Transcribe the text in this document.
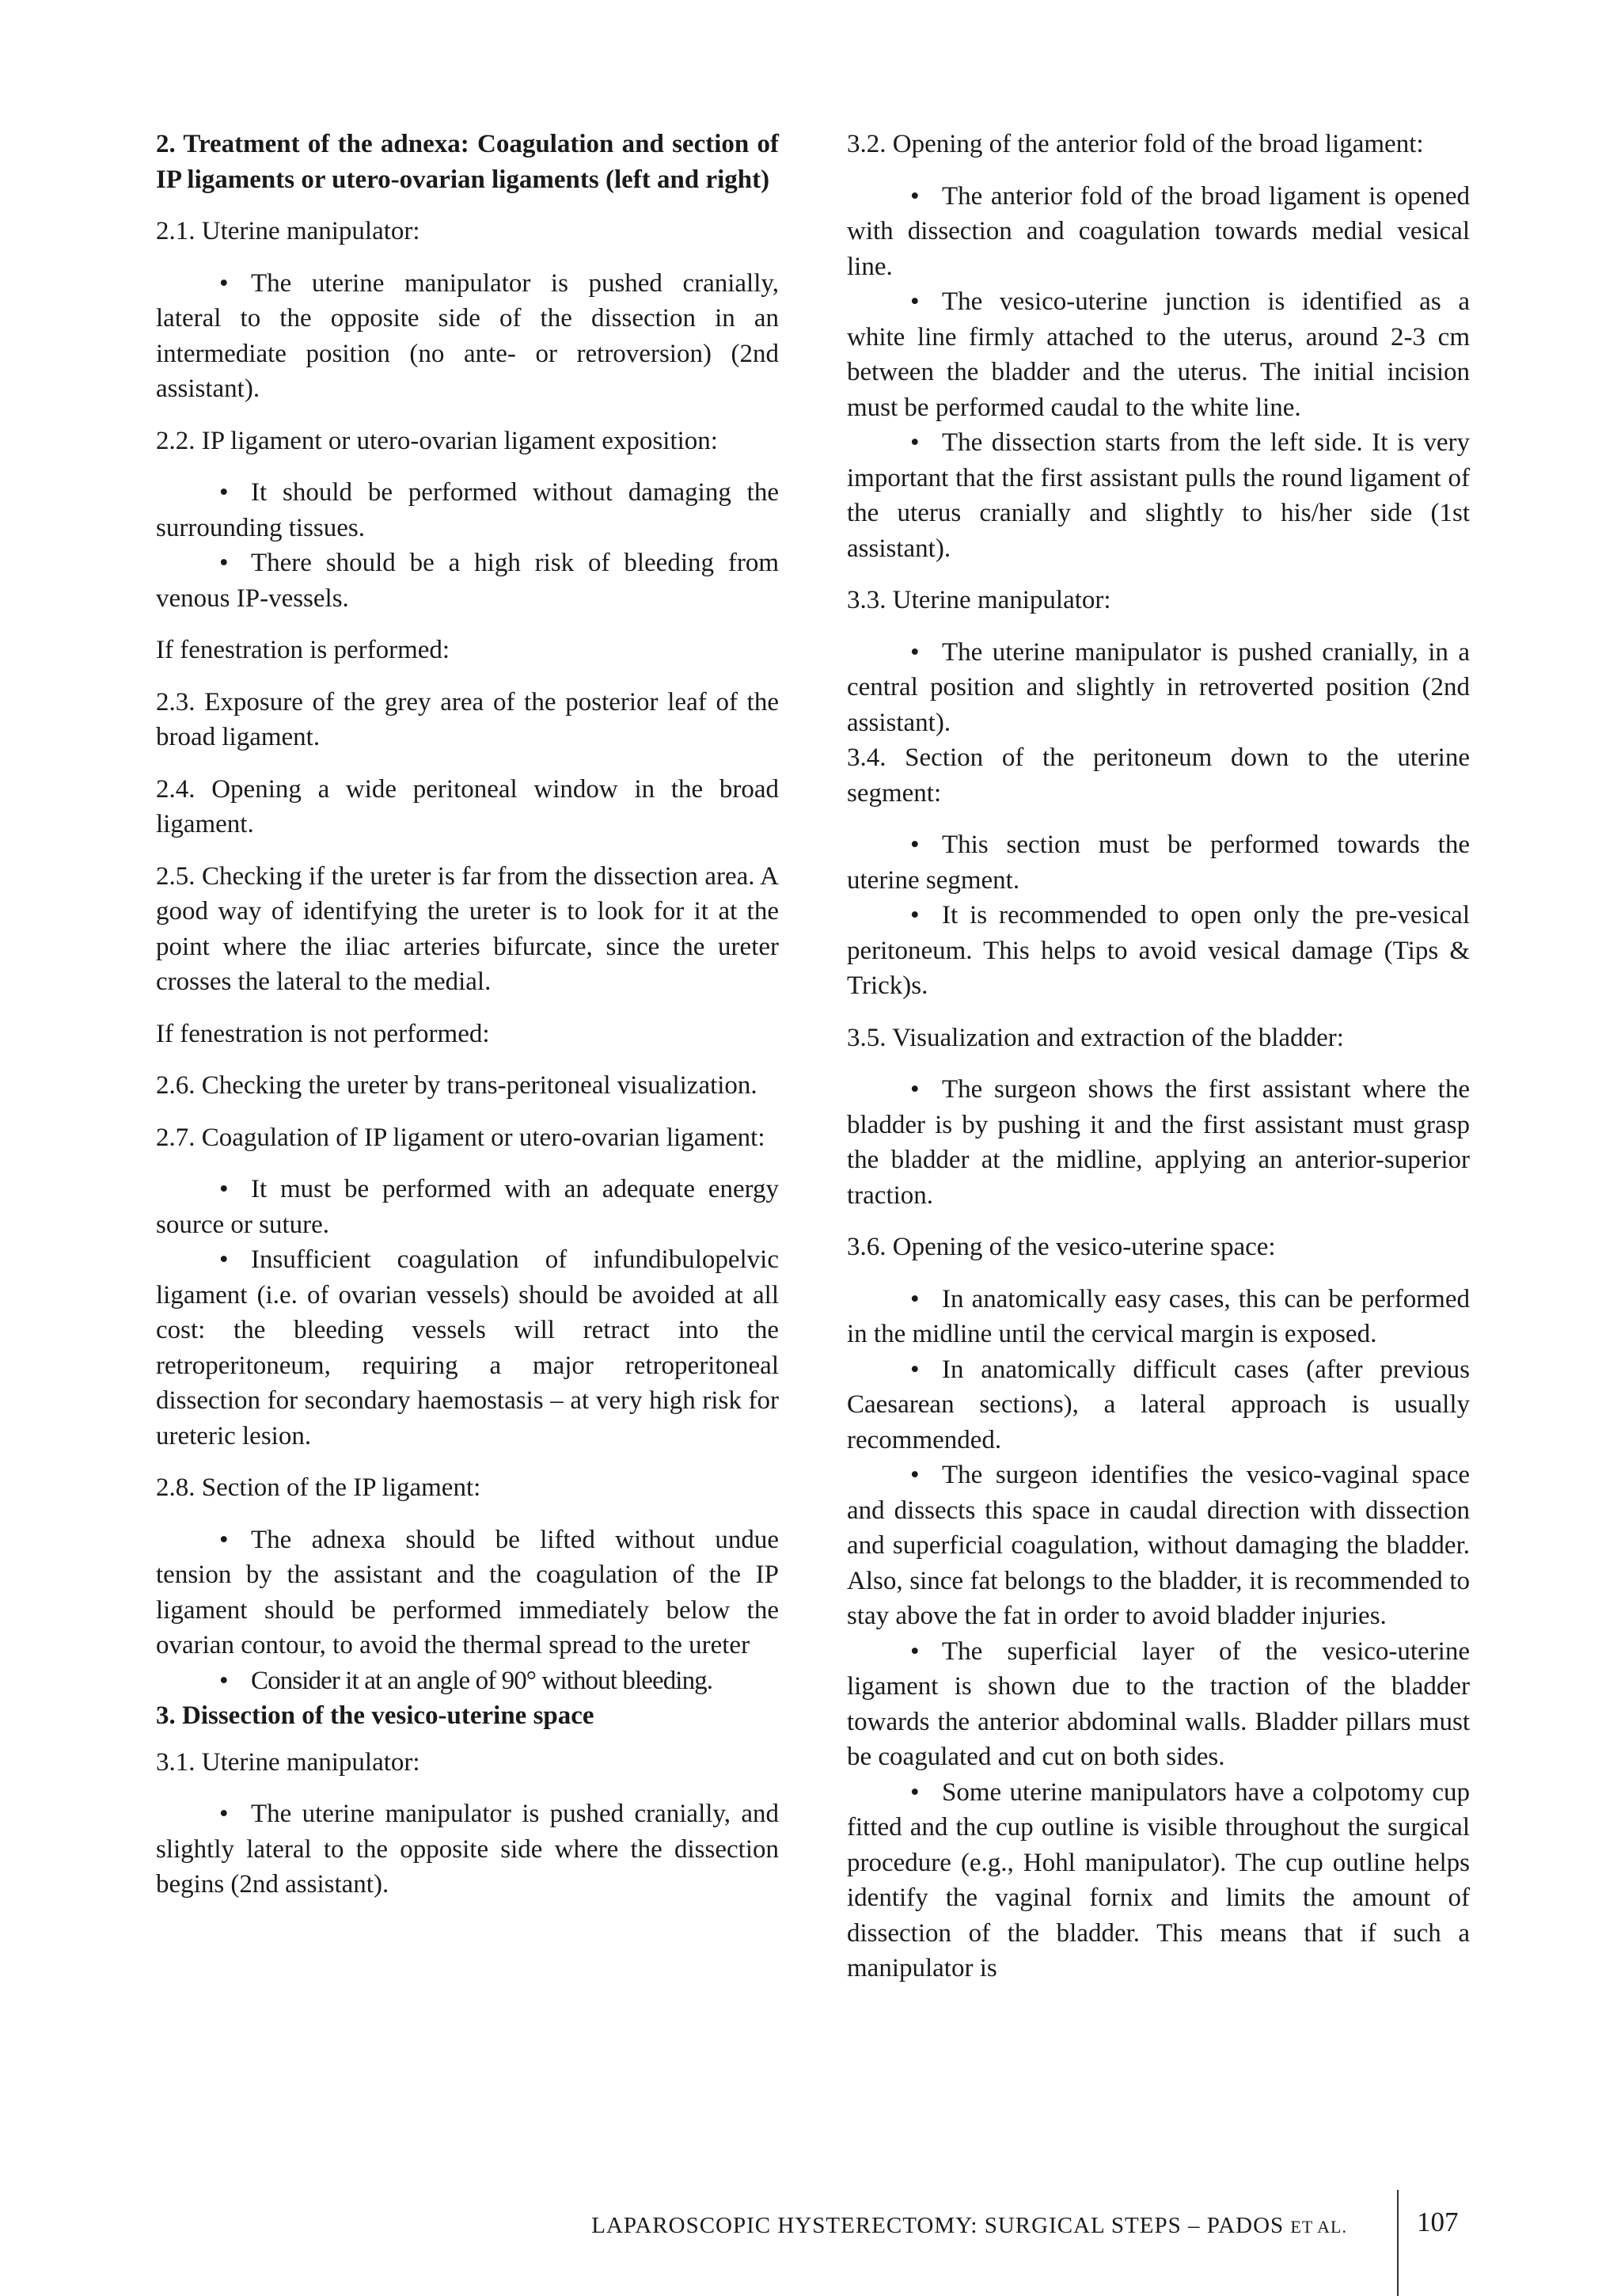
2. Treatment of the adnexa: Coagulation and section of IP ligaments or utero-ovarian ligaments (left and right)
2.1. Uterine manipulator:
• The uterine manipulator is pushed cranially, lateral to the opposite side of the dissection in an intermediate position (no ante- or retroversion) (2nd assistant).
2.2. IP ligament or utero-ovarian ligament exposition:
• It should be performed without damaging the surrounding tissues.
• There should be a high risk of bleeding from venous IP-vessels.
If fenestration is performed:
2.3. Exposure of the grey area of the posterior leaf of the broad ligament.
2.4. Opening a wide peritoneal window in the broad ligament.
2.5. Checking if the ureter is far from the dissection area. A good way of identifying the ureter is to look for it at the point where the iliac arteries bifurcate, since the ureter crosses the lateral to the medial.
If fenestration is not performed:
2.6. Checking the ureter by trans-peritoneal visualization.
2.7. Coagulation of IP ligament or utero-ovarian ligament:
• It must be performed with an adequate energy source or suture.
• Insufficient coagulation of infundibulopelvic ligament (i.e. of ovarian vessels) should be avoided at all cost: the bleeding vessels will retract into the retroperitoneum, requiring a major retroperitoneal dissection for secondary haemostasis – at very high risk for ureteric lesion.
2.8. Section of the IP ligament:
• The adnexa should be lifted without undue tension by the assistant and the coagulation of the IP ligament should be performed immediately below the ovarian contour, to avoid the thermal spread to the ureter
• Consider it at an angle of 90° without bleeding.
3. Dissection of the vesico-uterine space
3.1. Uterine manipulator:
• The uterine manipulator is pushed cranially, and slightly lateral to the opposite side where the dissection begins (2nd assistant).
3.2. Opening of the anterior fold of the broad ligament:
• The anterior fold of the broad ligament is opened with dissection and coagulation towards medial vesical line.
• The vesico-uterine junction is identified as a white line firmly attached to the uterus, around 2-3 cm between the bladder and the uterus. The initial incision must be performed caudal to the white line.
• The dissection starts from the left side. It is very important that the first assistant pulls the round ligament of the uterus cranially and slightly to his/her side (1st assistant).
3.3. Uterine manipulator:
• The uterine manipulator is pushed cranially, in a central position and slightly in retroverted position (2nd assistant).
3.4. Section of the peritoneum down to the uterine segment:
• This section must be performed towards the uterine segment.
• It is recommended to open only the pre-vesical peritoneum. This helps to avoid vesical damage (Tips & Trick)s.
3.5. Visualization and extraction of the bladder:
• The surgeon shows the first assistant where the bladder is by pushing it and the first assistant must grasp the bladder at the midline, applying an anterior-superior traction.
3.6. Opening of the vesico-uterine space:
• In anatomically easy cases, this can be performed in the midline until the cervical margin is exposed.
• In anatomically difficult cases (after previous Caesarean sections), a lateral approach is usually recommended.
• The surgeon identifies the vesico-vaginal space and dissects this space in caudal direction with dissection and superficial coagulation, without damaging the bladder. Also, since fat belongs to the bladder, it is recommended to stay above the fat in order to avoid bladder injuries.
• The superficial layer of the vesico-uterine ligament is shown due to the traction of the bladder towards the anterior abdominal walls. Bladder pillars must be coagulated and cut on both sides.
• Some uterine manipulators have a colpotomy cup fitted and the cup outline is visible throughout the surgical procedure (e.g., Hohl manipulator). The cup outline helps identify the vaginal fornix and limits the amount of dissection of the bladder. This means that if such a manipulator is
LAPAROSCOPIC HYSTERECTOMY: SURGICAL STEPS – PADOS ET AL.	107
